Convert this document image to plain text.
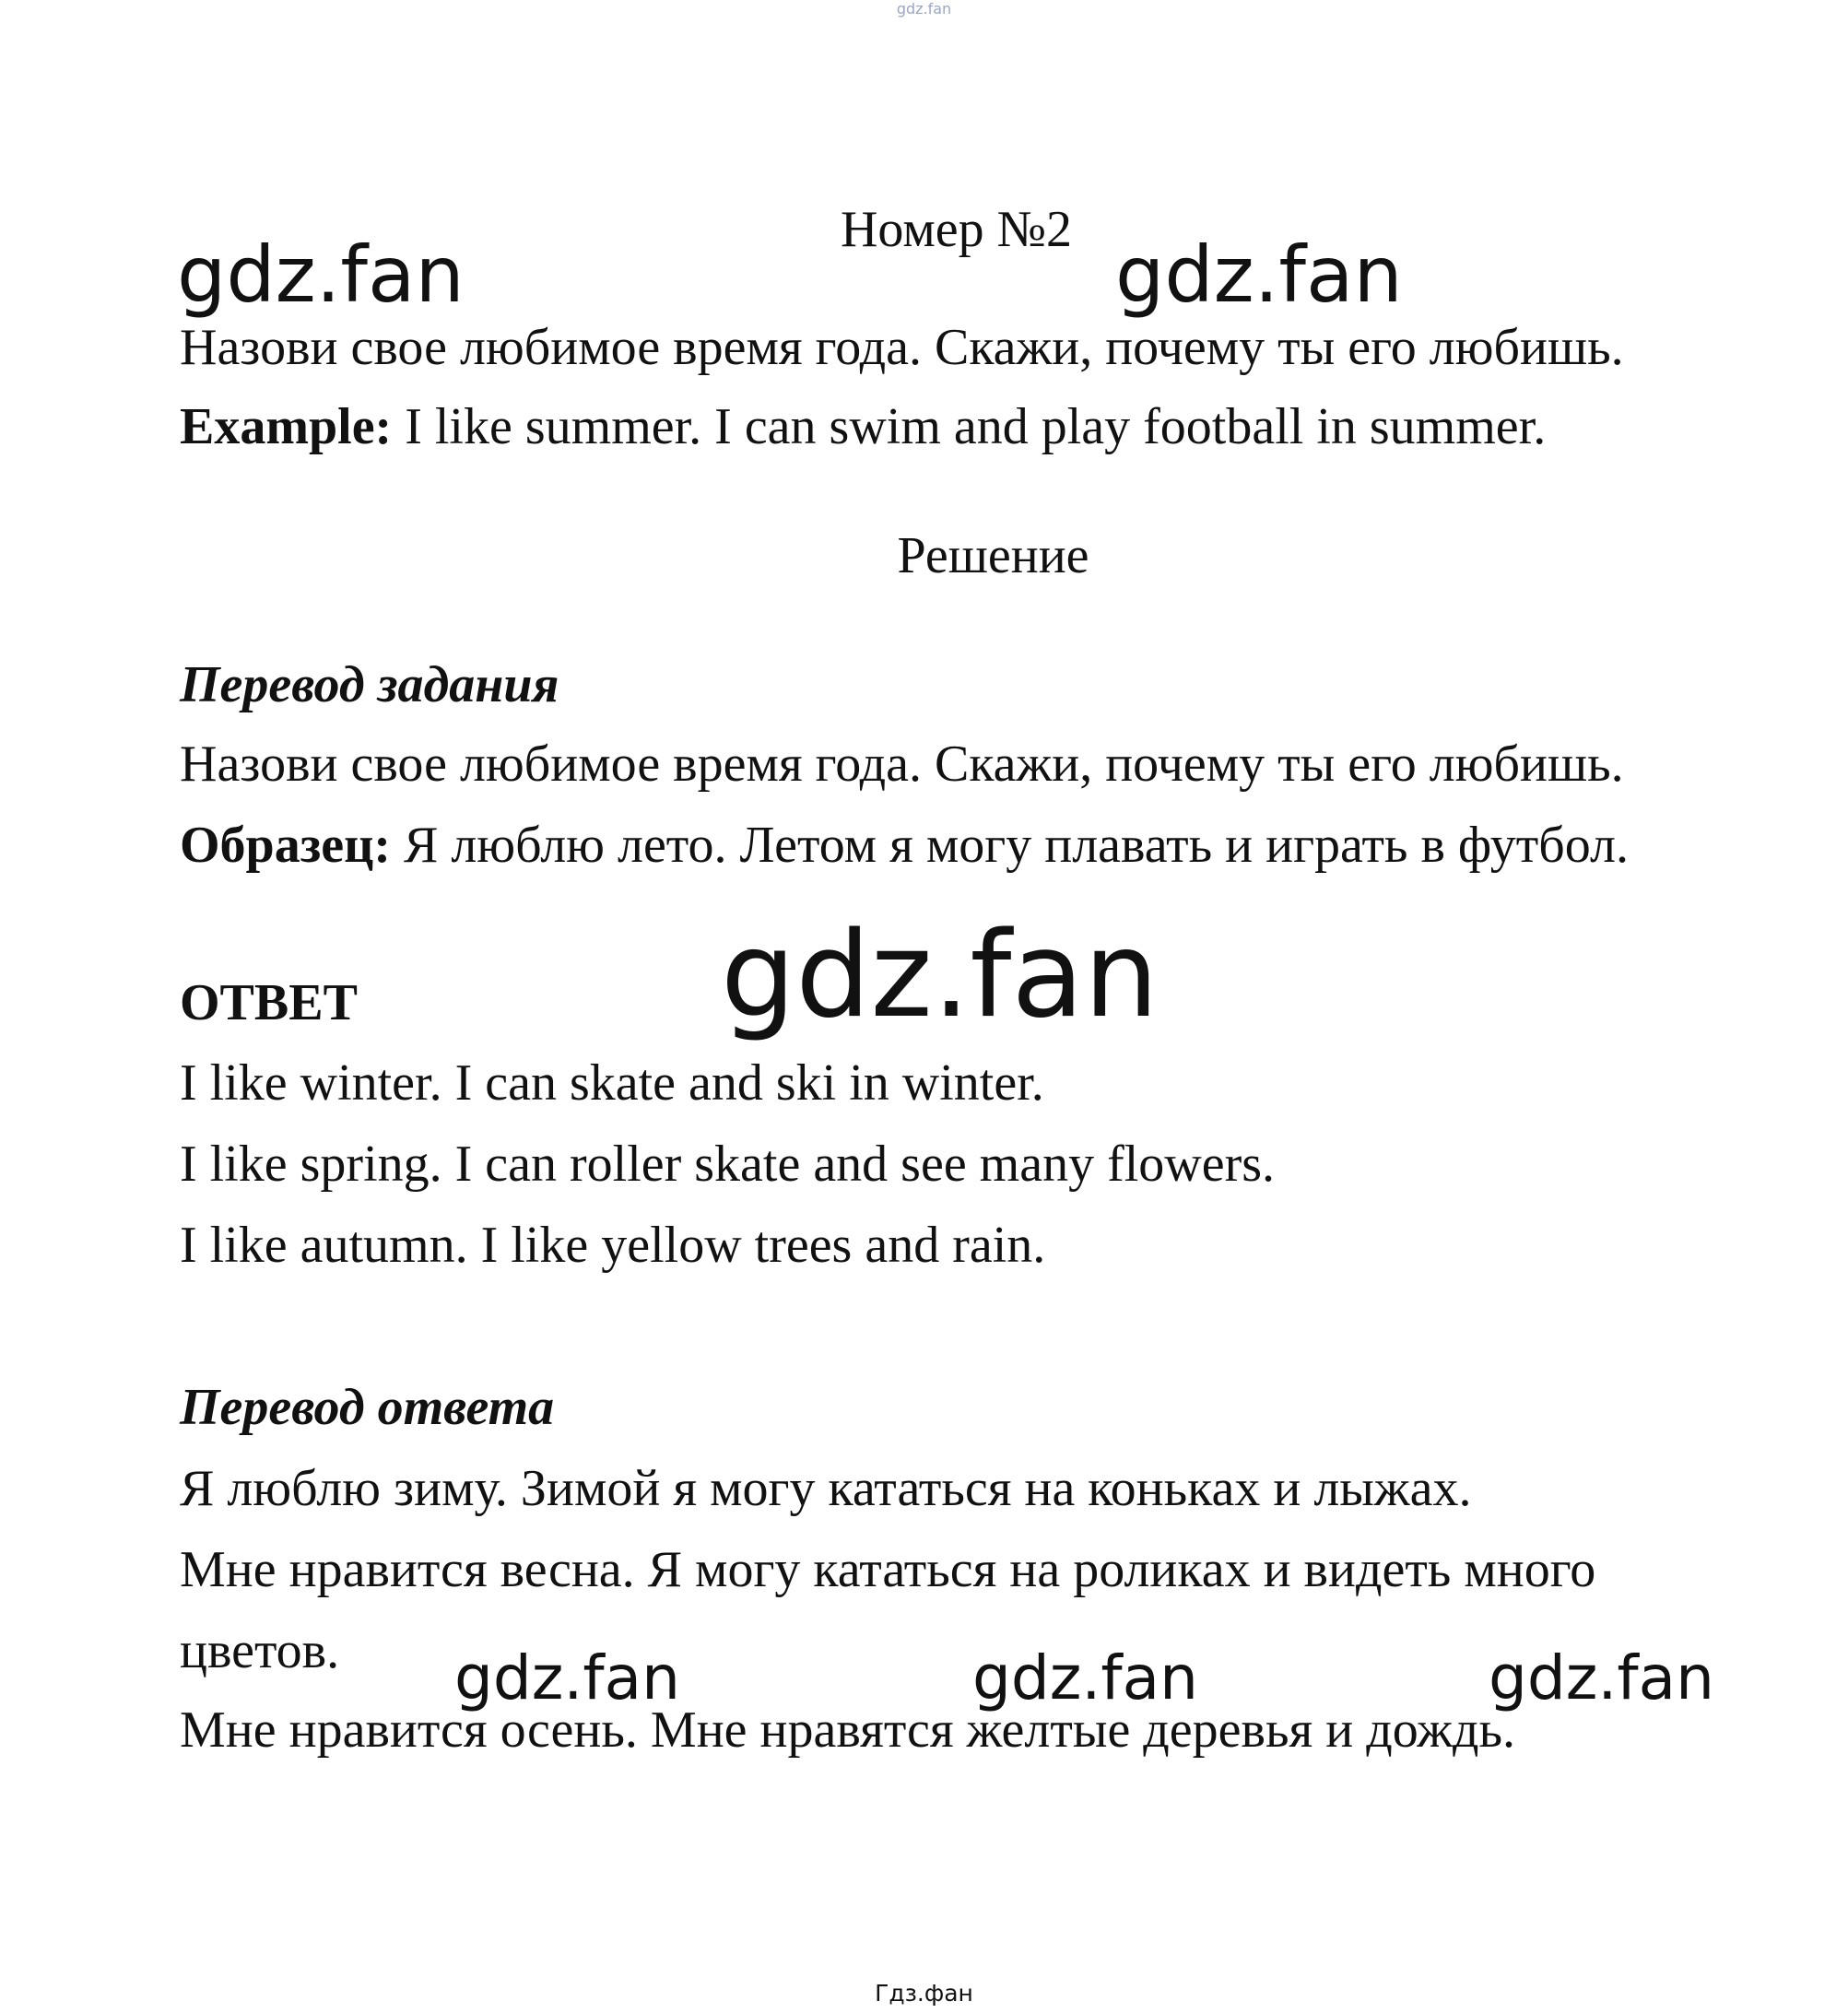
gdz.fan
Номер №2
gdz.fan	gdz.fan
Назови свое любимое время года. Скажи, почему ты его любишь.
Example: I like summer. I can swim and play football in summer.
Решение
Перевод задания
Назови свое любимое время года. Скажи, почему ты его любишь.
Образец: Я люблю лето. Летом я могу плавать и играть в футбол.
gdz.fan
ОТВЕТ
I like winter. I can skate and ski in winter.
I like spring. I can roller skate and see many flowers.
I like autumn. I like yellow trees and rain.
Перевод ответа
Я люблю зиму. Зимой я могу кататься на коньках и лыжах.
Мне нравится весна. Я могу кататься на роликах и видеть много
цветов. gdz.fan	gdz.fan	gdz.fan
Мне нравится осень. Мне нравятся желтые деревья и дождь.
Гдз.фан
